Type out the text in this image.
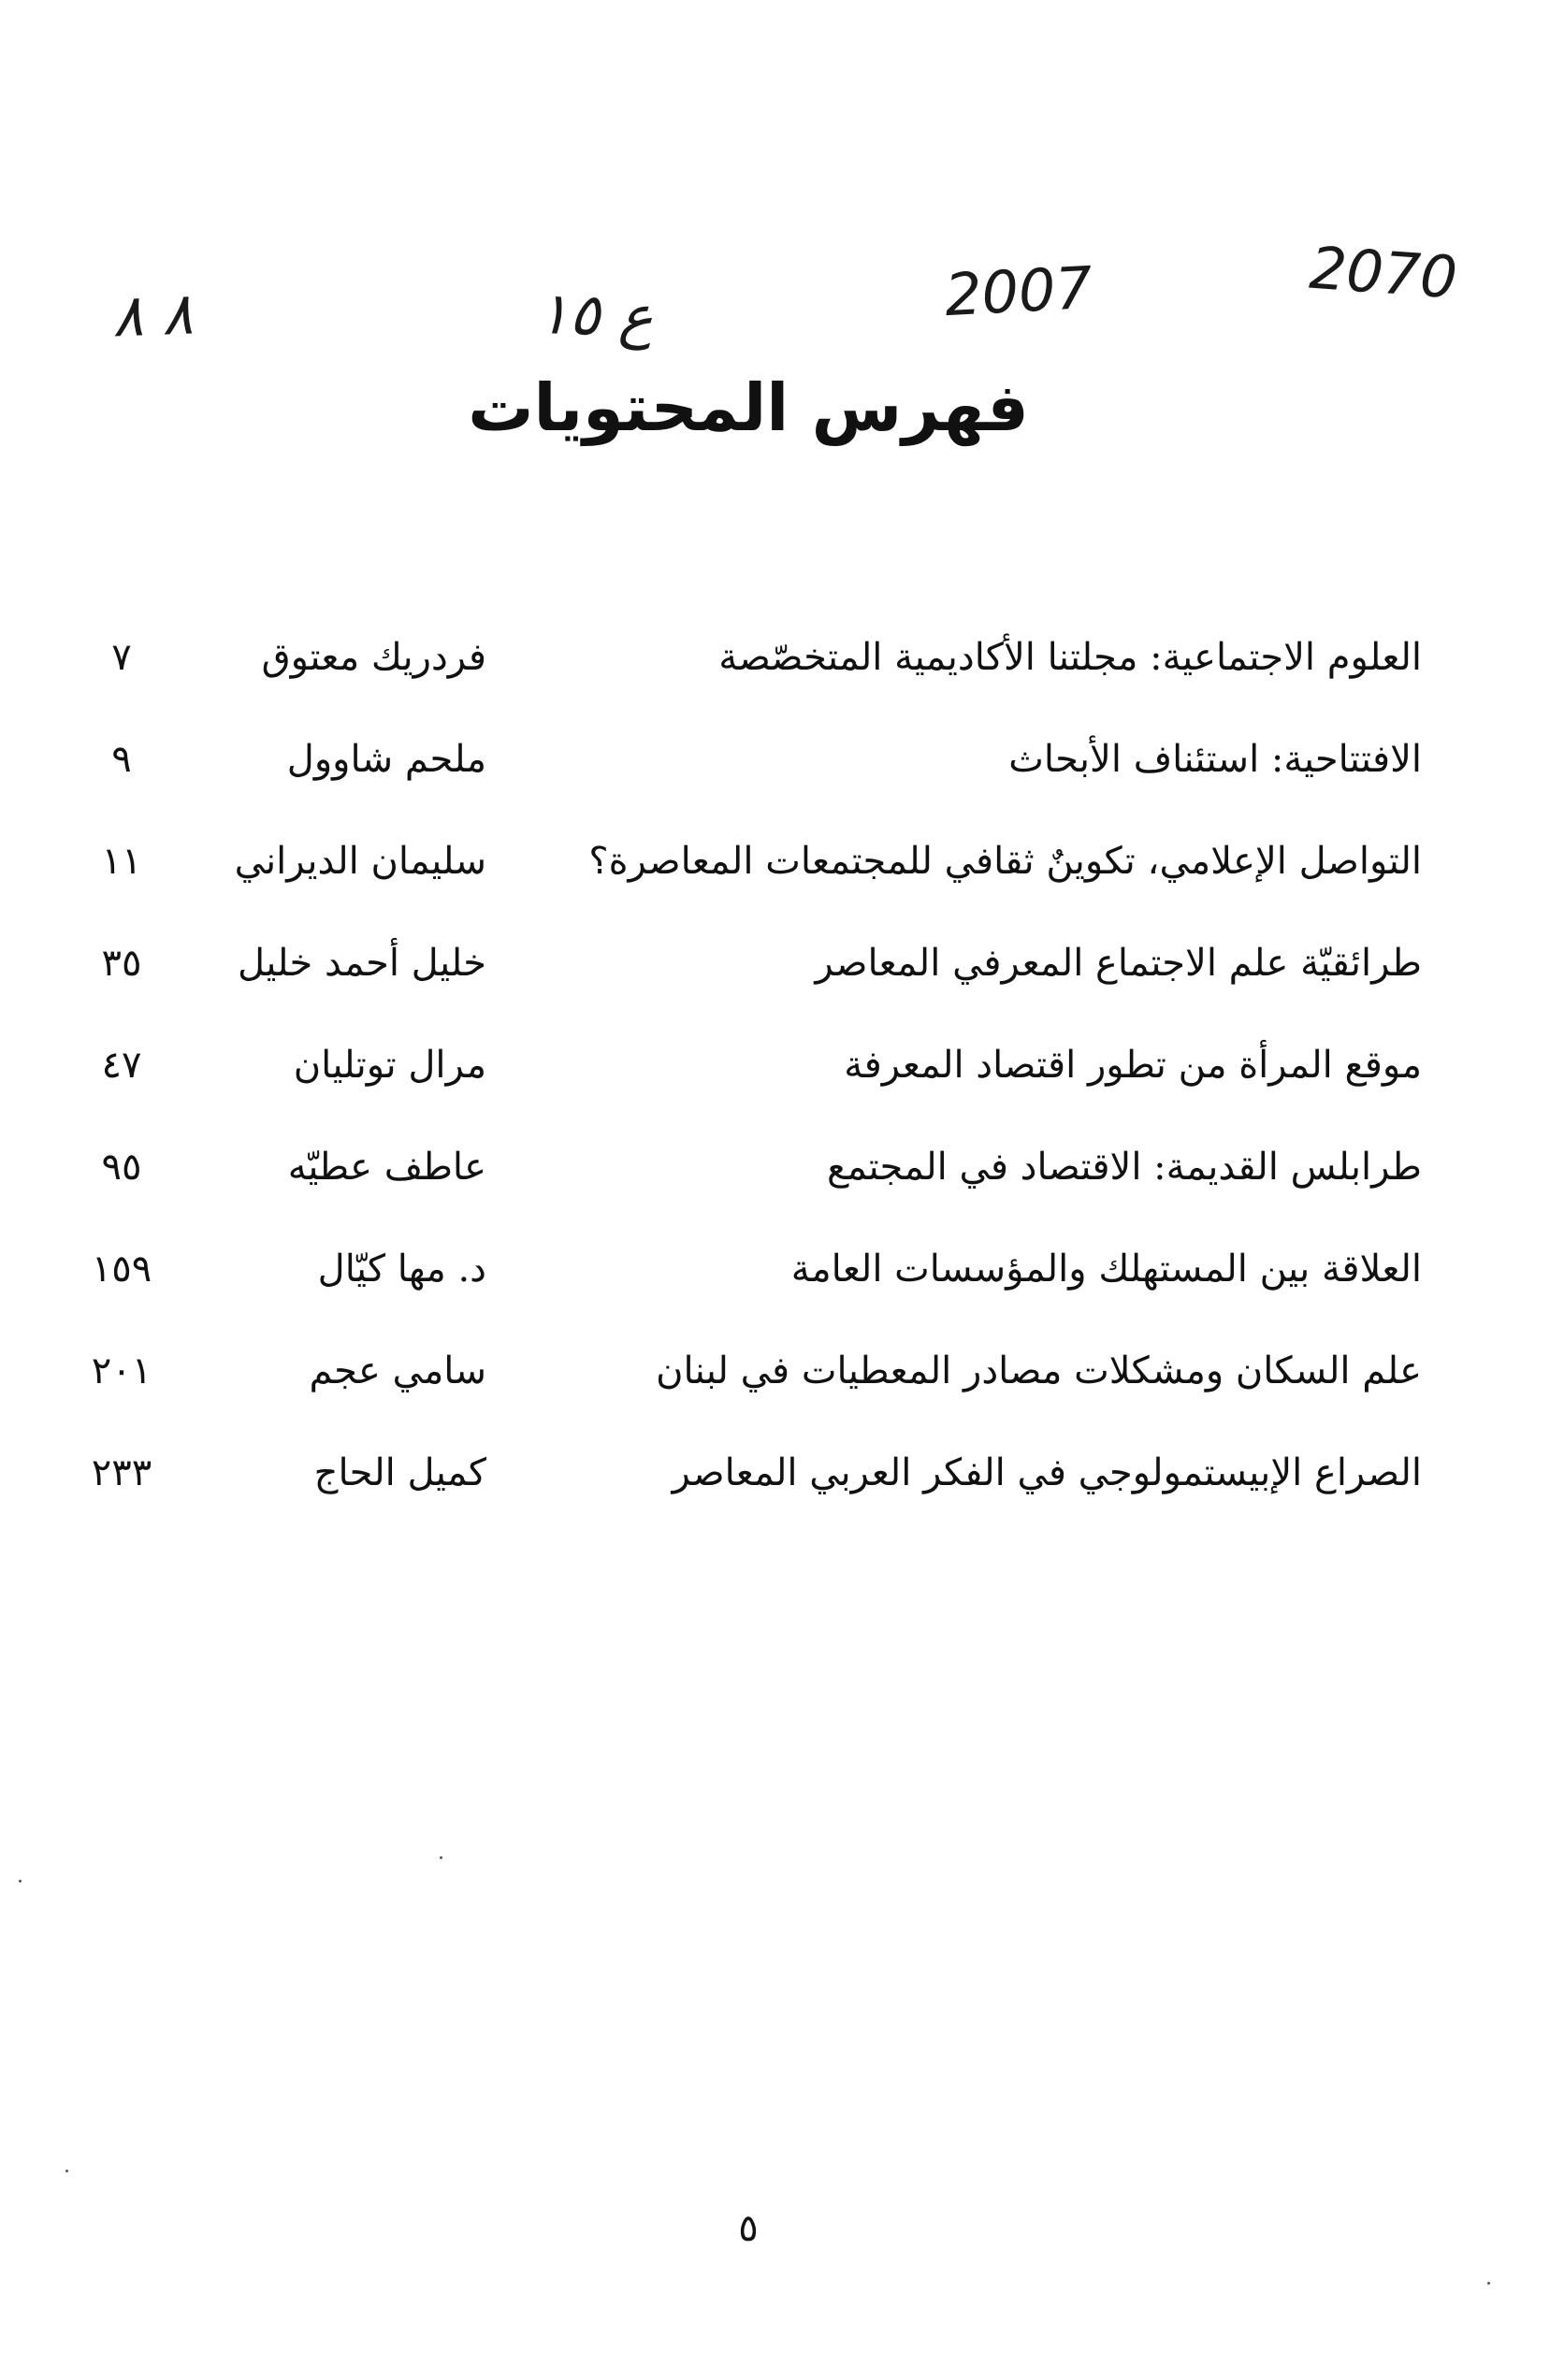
2070
2007
ع ١٥
٨ ٨
فهرس المحتويات
العلوم الاجتماعية: مجلتنا الأكاديمية المتخصّصة
فردريك معتوق
٧
الافتتاحية: استئناف الأبحاث
ملحم شاوول
٩
التواصل الإعلامي، تكوينٌ ثقافي للمجتمعات المعاصرة؟
سليمان الديراني
١١
طرائقيّة علم الاجتماع المعرفي المعاصر
خليل أحمد خليل
٣٥
موقع المرأة من تطور اقتصاد المعرفة
مرال توتليان
٤٧
طرابلس القديمة: الاقتصاد في المجتمع
عاطف عطيّه
٩٥
العلاقة بين المستهلك والمؤسسات العامة
د. مها كيّال
١٥٩
علم السكان ومشكلات مصادر المعطيات في لبنان
سامي عجم
٢٠١
الصراع الإبيستمولوجي في الفكر العربي المعاصر
كميل الحاج
٢٣٣
٥
